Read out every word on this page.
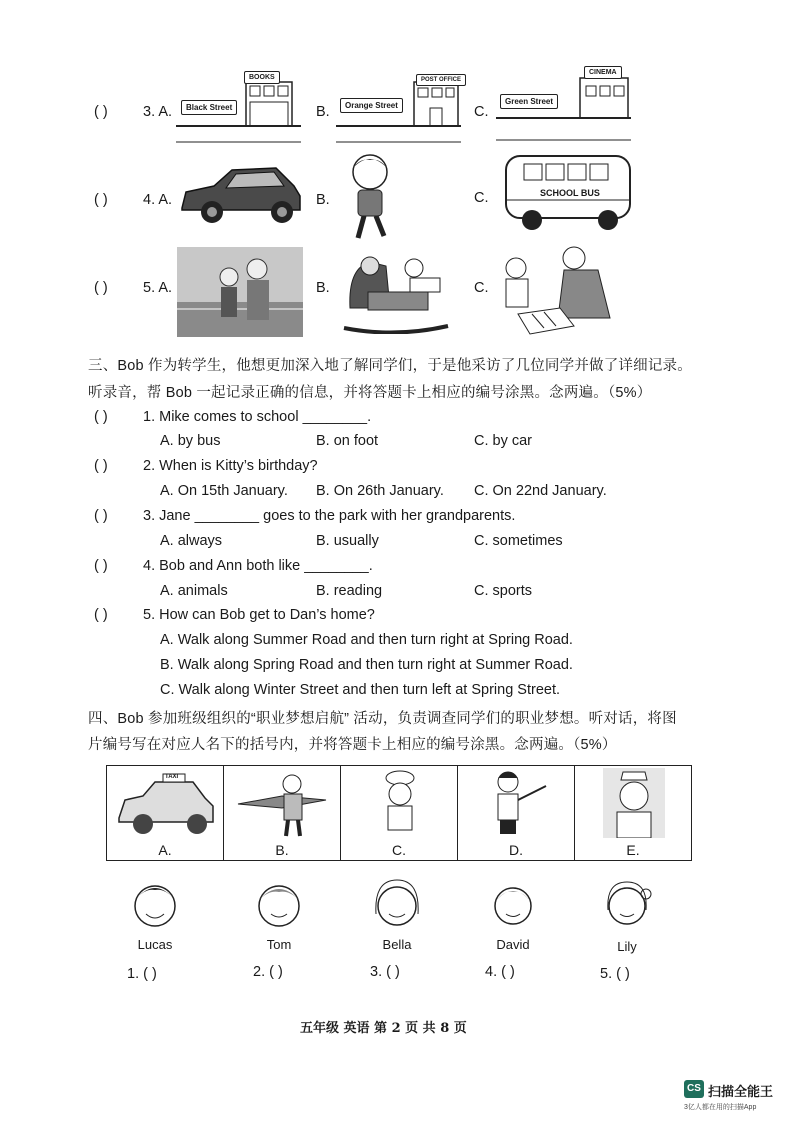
( ) 3. A.
BOOKS
Black Street	B.
POST OFFICE
Orange Street	C.
CINEMA
Green Street
( ) 4. A.	B.	C.	SCHOOL BUS
( ) 5. A.	B.	C.
三、Bob 作为转学生，他想更加深入地了解同学们，于是他采访了几位同学并做了详细记录。
听录音，帮 Bob 一起记录正确的信息，并将答题卡上相应的编号涂黑。念两遍。（5%）
( ) 1. Mike comes to school ________.
A. by bus	B. on foot	C. by car
( ) 2. When is Kitty’s birthday?
A. On 15th January. B. On 26th January. C. On 22nd January.
( ) 3. Jane ________ goes to the park with her grandparents.
A. always	B. usually	C. sometimes
( ) 4. Bob and Ann both like ________.
A. animals	B. reading	C. sports
( ) 5. How can Bob get to Dan’s home?
A. Walk along Summer Road and then turn right at Spring Road.
B. Walk along Spring Road and then turn right at Summer Road.
C. Walk along Winter Street and then turn left at Spring Street.
四、Bob 参加班级组织的“职业梦想启航” 活动，负责调查同学们的职业梦想。听对话，将图
片编号写在对应人名下的括号内，并将答题卡上相应的编号涂黑。念两遍。（5%）
TAXI
A.	B.	C.	D.	E.
Lucas	Tom	Bella	David	Lily
1. ( )	2. ( )	3. ( )	4. ( )	5. ( )
五年级 英语 第 2 页 共 8 页
CS 扫描全能王
3亿人都在用的扫描App
